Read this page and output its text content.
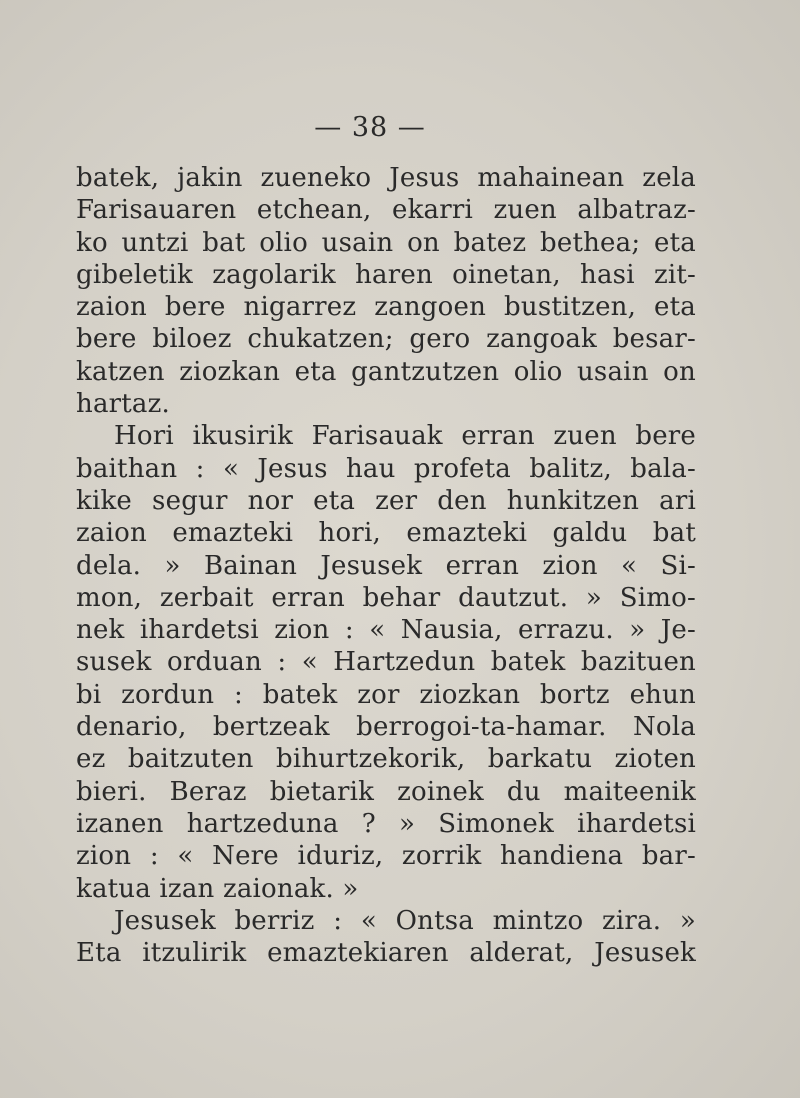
— 38 —
batek, jakin zueneko Jesus mahainean zela
Farisauaren etchean, ekarri zuen albatraz-
ko untzi bat olio usain on batez bethea; eta
gibeletik zagolarik haren oinetan, hasi zit-
zaion bere nigarrez zangoen bustitzen, eta
bere biloez chukatzen; gero zangoak besar-
katzen ziozkan eta gantzutzen olio usain on
hartaz.
Hori ikusirik Farisauak erran zuen bere
baithan : « Jesus hau profeta balitz, bala-
kike segur nor eta zer den hunkitzen ari
zaion emazteki hori, emazteki galdu bat
dela. » Bainan Jesusek erran zion « Si-
mon, zerbait erran behar dautzut. » Simo-
nek ihardetsi zion : « Nausia, errazu. » Je-
susek orduan : « Hartzedun batek bazituen
bi zordun : batek zor ziozkan bortz ehun
denario, bertzeak berrogoi-ta-hamar. Nola
ez baitzuten bihurtzekorik, barkatu zioten
bieri. Beraz bietarik zoinek du maiteenik
izanen hartzeduna ? » Simonek ihardetsi
zion : « Nere iduriz, zorrik handiena bar-
katua izan zaionak. »
Jesusek berriz : « Ontsa mintzo zira. »
Eta itzulirik emaztekiaren alderat, Jesusek
